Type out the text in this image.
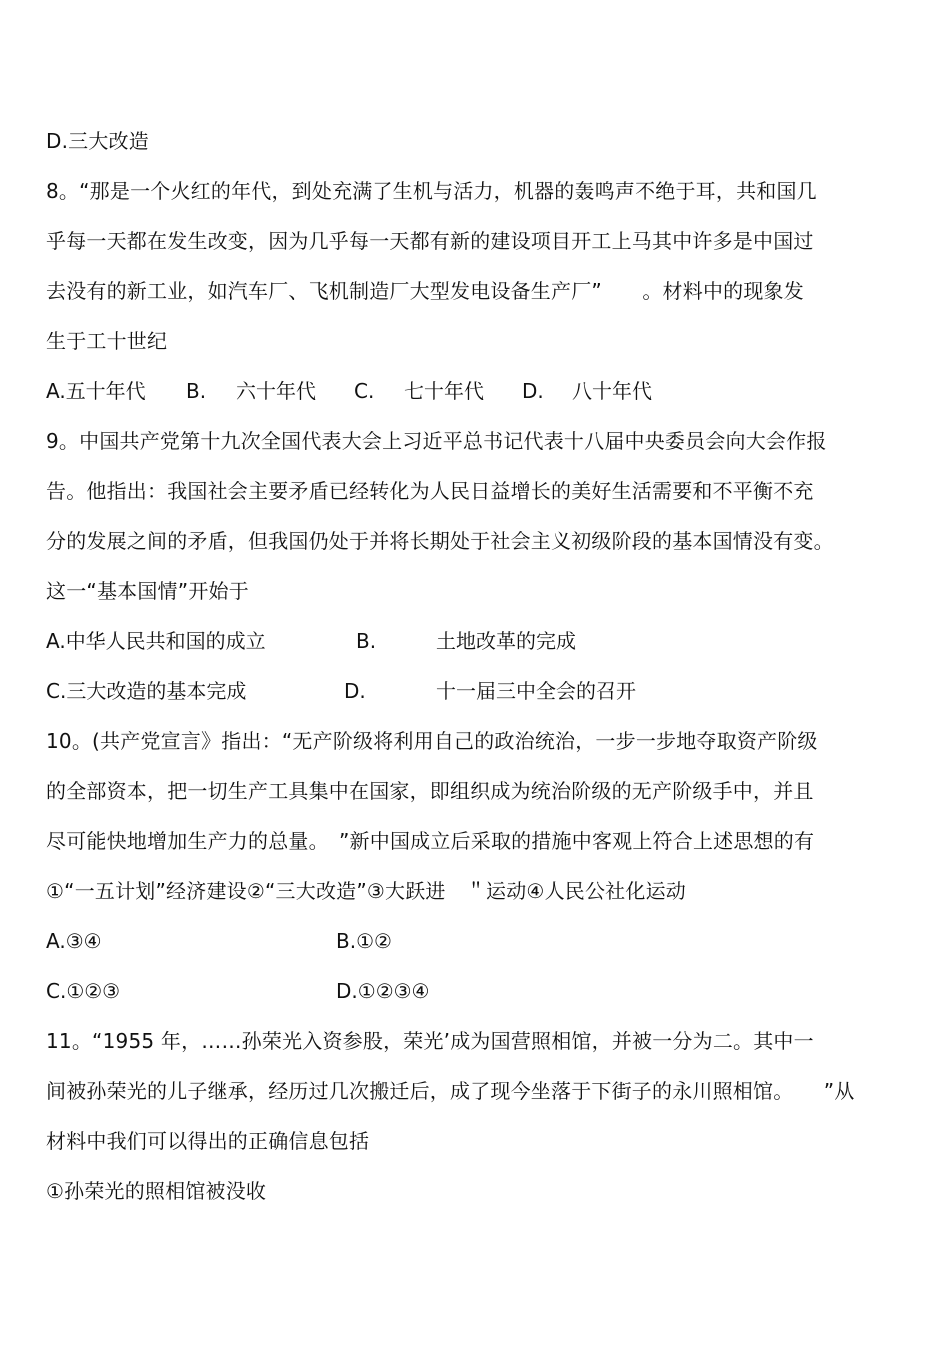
D.三大改造
8。“那是一个火红的年代，到处充满了生机与活力，机器的轰鸣声不绝于耳，共和国几
乎每一天都在发生改变，因为几乎每一天都有新的建设项目开工上马其中许多是中国过
去没有的新工业，如汽车厂、飞机制造厂大型发电设备生产厂”　　。材料中的现象发
生于工十世纪
A.五十年代 B. 六十年代 C. 七十年代 D. 八十年代
9。中国共产党第十九次全国代表大会上习近平总书记代表十八届中央委员会向大会作报
告。他指出：我国社会主要矛盾已经转化为人民日益增长的美好生活需要和不平衡不充
分的发展之间的矛盾，但我国仍处于并将长期处于社会主义初级阶段的基本国情没有变。
这一“基本国情”开始于
A.中华人民共和国的成立	B.	土地改革的完成
C.三大改造的基本完成	D.	十一届三中全会的召开
10。(共产党宣言》指出：“无产阶级将利用自己的政治统治，一步一步地夺取资产阶级
的全部资本，把一切生产工具集中在国家，即组织成为统治阶级的无产阶级手中，并且
尽可能快地增加生产力的总量。　”新中国成立后采取的措施中客观上符合上述思想的有
①“一五计划”经济建设②“三大改造”③大跃进　＂运动④人民公社化运动
A.③④	B.①②
C.①②③	D.①②③④
11。“1955 年，……孙荣光入资参股，荣光’成为国营照相馆，并被一分为二。其中一
间被孙荣光的儿子继承，经历过几次搬迁后，成了现今坐落于下街子的永川照相馆。　　”从
材料中我们可以得出的正确信息包括
①孙荣光的照相馆被没收
